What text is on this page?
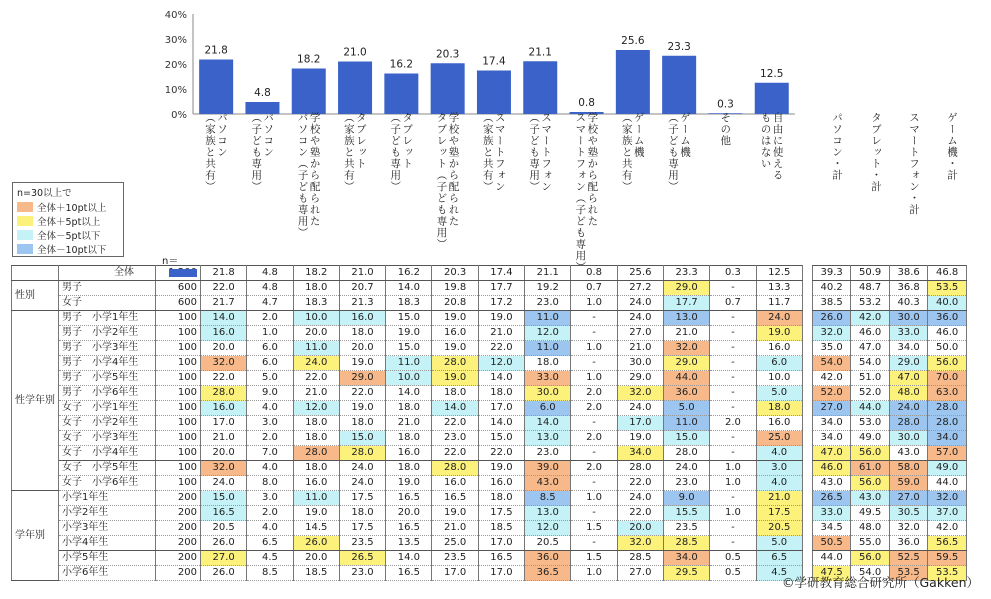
0%
10%
20%
30%
40%
21.8
4.8
18.2
21.0
16.2
20.3
17.4
21.1
0.8
25.6 23.3
0.3
12.5
パソコン
（家族と共有）	パソコン
（子ども専用）	学校や塾から配られた
パソコン（子ども専用）	タブレット
（家族と共有）	タブレット
（子ども専用）	学校や塾から配られた
タブレット（子ども専用）	スマートフォン
（家族と共有）	スマートフォン
（子ども専用）	学校や塾から配られた
スマートフォン（子ども専用）	ゲーム機
（家族と共有）	ゲーム機
（子ども専用）	その他	自由に使える
ものはない	パソコン・計	タブレット・計 スマートフォン・計 ゲーム機・計
n＝
n=30以上で
全体＋10pt以上
全体＋5pt以上
全体－5pt以下
全体－10pt以下
	全体		21.8	4.8	18.2	21.0	16.2	20.3	17.4	21.1	0.8	25.6	23.3	0.3	12.5		39.3	50.9	38.6	46.8
性別	男子	600	22.0	4.8	18.0	20.7	14.0	19.8	17.7	19.2	0.7	27.2	29.0	-	13.3		40.2	48.7	36.8	53.5
	女子	600	21.7	4.7	18.3	21.3	18.3	20.8	17.2	23.0	1.0	24.0	17.7	0.7	11.7		38.5	53.2	40.3	40.0
性学年別	男子　小学1年生	100	14.0	2.0	10.0	16.0	15.0	19.0	19.0	11.0	-	24.0	13.0	-	24.0		26.0	42.0	30.0	36.0
	男子　小学2年生	100	16.0	1.0	20.0	18.0	19.0	16.0	21.0	12.0	-	27.0	21.0	-	19.0		32.0	46.0	33.0	46.0
	男子　小学3年生	100	20.0	6.0	11.0	20.0	15.0	19.0	22.0	11.0	1.0	21.0	32.0	-	16.0		35.0	47.0	34.0	50.0
	男子　小学4年生	100	32.0	6.0	24.0	19.0	11.0	28.0	12.0	18.0	-	30.0	29.0	-	6.0		54.0	54.0	29.0	56.0
	男子　小学5年生	100	22.0	5.0	22.0	29.0	10.0	19.0	14.0	33.0	1.0	29.0	44.0	-	10.0		42.0	51.0	47.0	70.0
	男子　小学6年生	100	28.0	9.0	21.0	22.0	14.0	18.0	18.0	30.0	2.0	32.0	36.0	-	5.0		52.0	52.0	48.0	63.0
	女子　小学1年生	100	16.0	4.0	12.0	19.0	18.0	14.0	17.0	6.0	2.0	24.0	5.0	-	18.0		27.0	44.0	24.0	28.0
	女子　小学2年生	100	17.0	3.0	18.0	18.0	21.0	22.0	14.0	14.0	-	17.0	11.0	2.0	16.0		34.0	53.0	28.0	28.0
	女子　小学3年生	100	21.0	2.0	18.0	15.0	18.0	23.0	15.0	13.0	2.0	19.0	15.0	-	25.0		34.0	49.0	30.0	34.0
	女子　小学4年生	100	20.0	7.0	28.0	28.0	16.0	22.0	22.0	23.0	-	34.0	28.0	-	4.0		47.0	56.0	43.0	57.0
	女子　小学5年生	100	32.0	4.0	18.0	24.0	18.0	28.0	19.0	39.0	2.0	28.0	24.0	1.0	3.0		46.0	61.0	58.0	49.0
	女子　小学6年生	100	24.0	8.0	16.0	24.0	19.0	16.0	16.0	43.0	-	22.0	23.0	1.0	4.0		43.0	56.0	59.0	44.0
学年別	小学1年生	200	15.0	3.0	11.0	17.5	16.5	16.5	18.0	8.5	1.0	24.0	9.0	-	21.0		26.5	43.0	27.0	32.0
	小学2年生	200	16.5	2.0	19.0	18.0	20.0	19.0	17.5	13.0	-	22.0	15.5	1.0	17.5		33.0	49.5	30.5	37.0
	小学3年生	200	20.5	4.0	14.5	17.5	16.5	21.0	18.5	12.0	1.5	20.0	23.5	-	20.5		34.5	48.0	32.0	42.0
	小学4年生	200	26.0	6.5	26.0	23.5	13.5	25.0	17.0	20.5	-	32.0	28.5	-	5.0		50.5	55.0	36.0	56.5
	小学5年生	200	27.0	4.5	20.0	26.5	14.0	23.5	16.5	36.0	1.5	28.5	34.0	0.5	6.5		44.0	56.0	52.5	59.5
	小学6年生	200	26.0	8.5	18.5	23.0	16.5	17.0	17.0	36.5	1.0	27.0	29.5	0.5	4.5		47.5	54.0	53.5	53.5
©学研教育総合研究所（Gakken）
